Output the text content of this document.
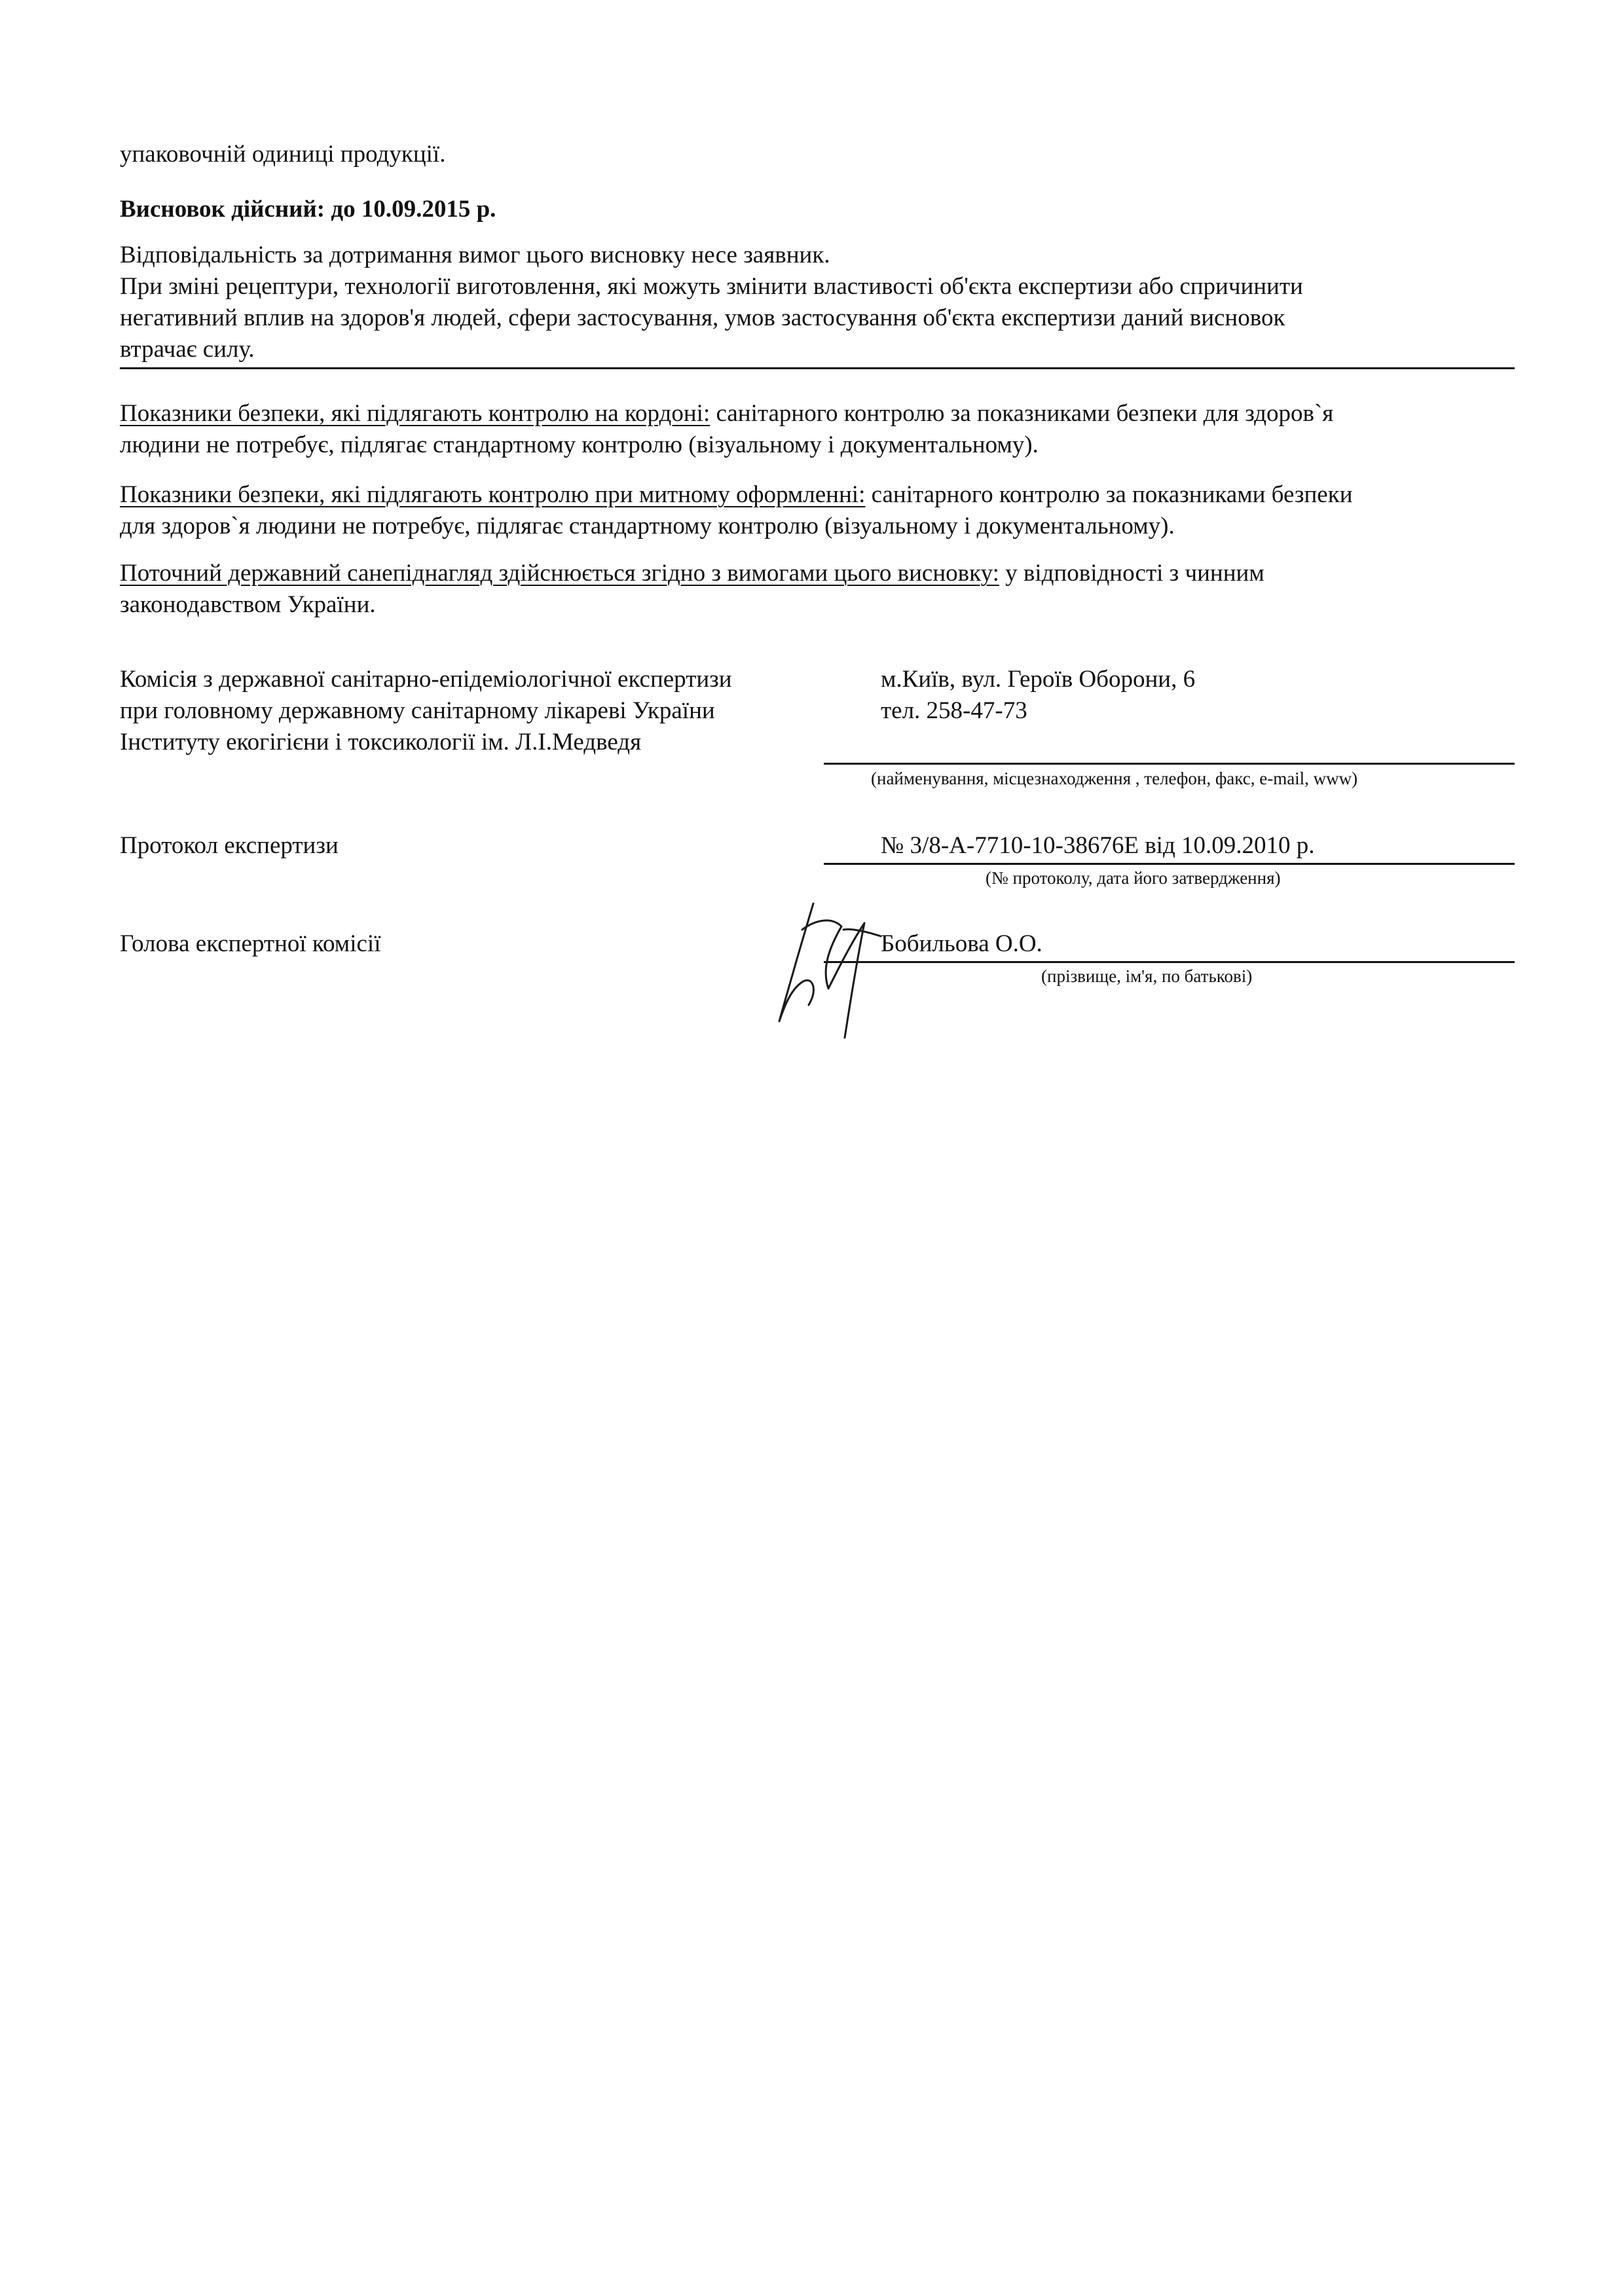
упаковочній одиниці продукції.
Висновок дійсний: до 10.09.2015 р.
Відповідальність за дотримання вимог цього висновку несе заявник.
При зміні рецептури, технології виготовлення, які можуть змінити властивості об'єкта експертизи або спричинити
негативний вплив на здоров'я людей, сфери застосування, умов застосування об'єкта експертизи даний висновок
втрачає силу.
Показники безпеки, які підлягають контролю на кордоні: санітарного контролю за показниками безпеки для здоров`я
людини не потребує, підлягає стандартному контролю (візуальному і документальному).
Показники безпеки, які підлягають контролю при митному оформленні: санітарного контролю за показниками безпеки
для здоров`я людини не потребує, підлягає стандартному контролю (візуальному і документальному).
Поточний державний санепіднагляд здійснюється згідно з вимогами цього висновку: у відповідності з чинним
законодавством України.
Комісія з державної санітарно-епідеміологічної експертизи
при головному державному санітарному лікареві України
Інституту екогігієни і токсикології ім. Л.І.Медведя
м.Київ, вул. Героїв Оборони, 6
тел. 258-47-73
(найменування, місцезнаходження , телефон, факс, e-mail, www)
Протокол експертизи	№ 3/8-А-7710-10-38676Е від 10.09.2010 р.
(№ протоколу, дата його затвердження)
Голова експертної комісії	Бобильова О.О.
(прізвище, ім'я, по батькові)
